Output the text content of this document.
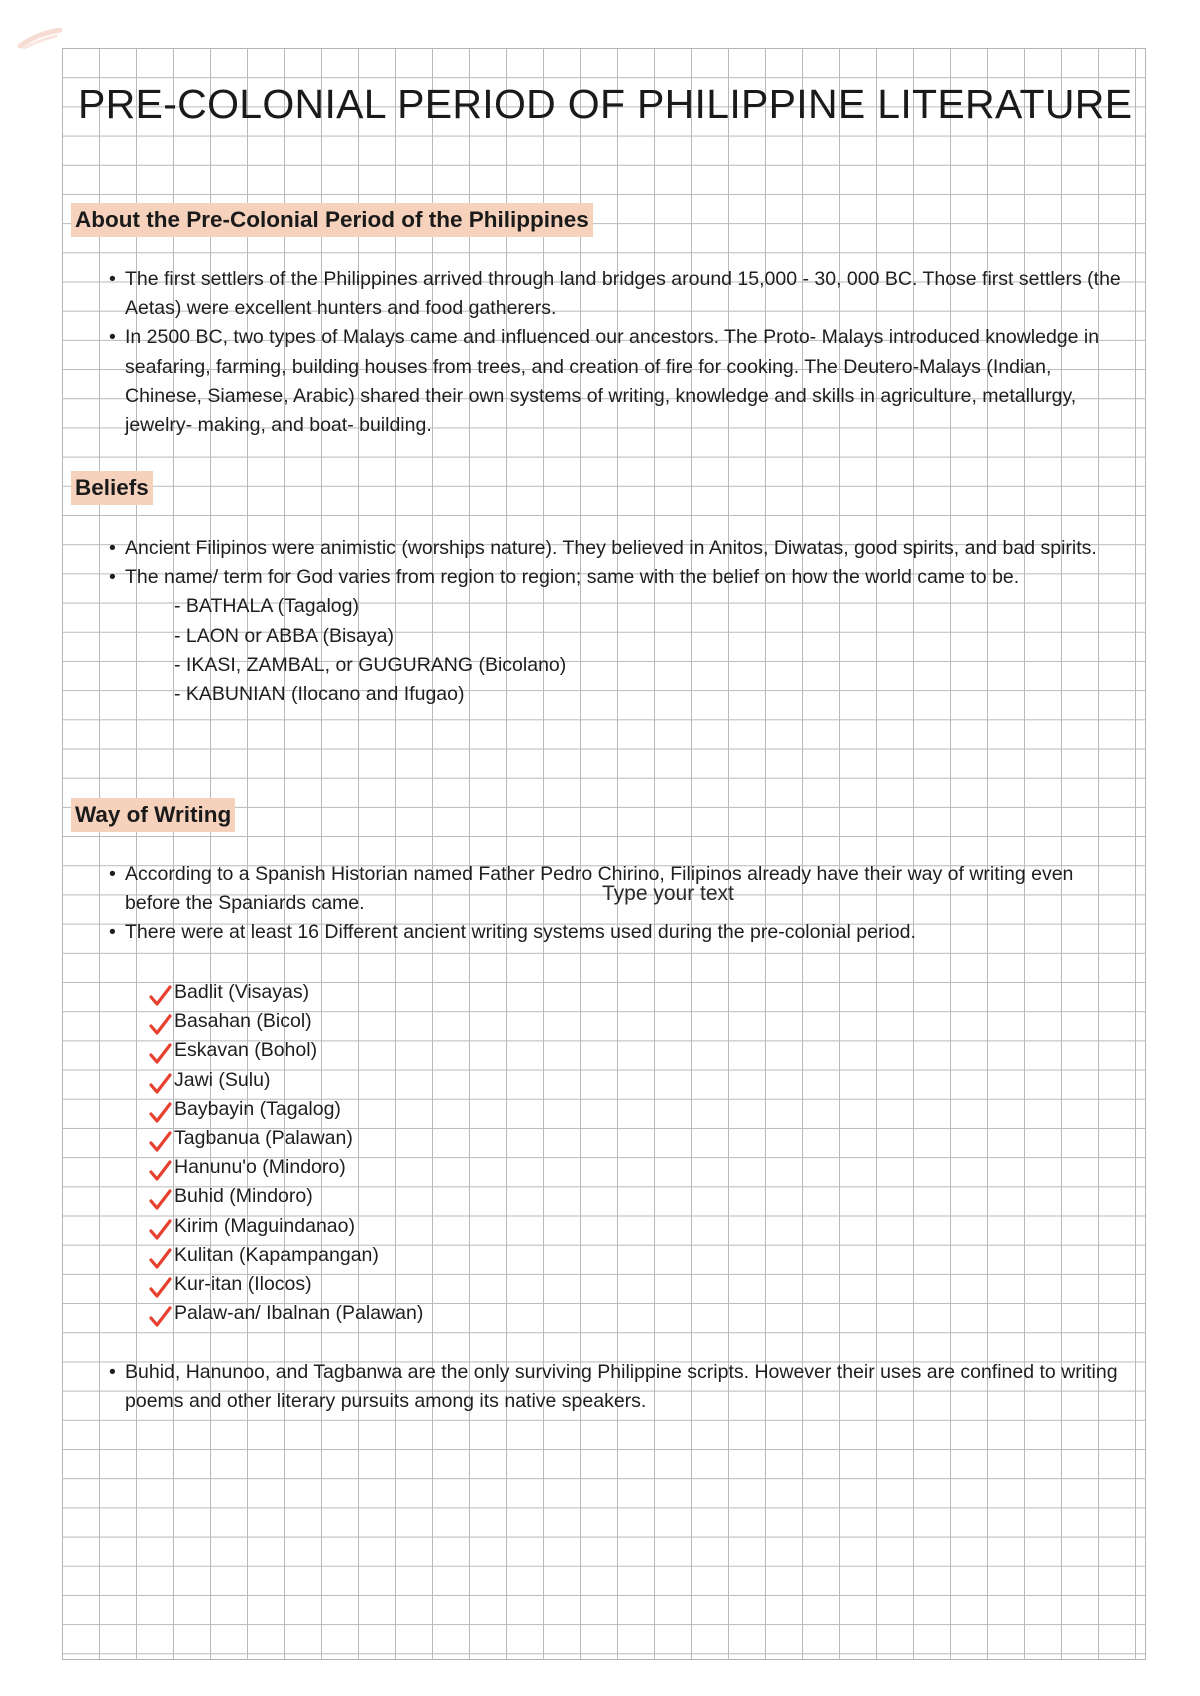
PRE-COLONIAL PERIOD OF PHILIPPINE LITERATURE
About the Pre-Colonial Period of the Philippines

• The first settlers of the Philippines arrived through land bridges around 15,000 - 30, 000 BC. Those first settlers (the Aetas) were excellent hunters and food gatherers.

• In 2500 BC, two types of Malays came and influenced our ancestors. The Proto- Malays introduced knowledge in seafaring, farming, building houses from trees, and creation of fire for cooking. The Deutero-Malays (Indian, Chinese, Siamese, Arabic) shared their own systems of writing, knowledge and skills in agriculture, metallurgy, jewelry- making, and boat- building.

Beliefs

• Ancient Filipinos were animistic (worships nature). They believed in Anitos, Diwatas, good spirits, and bad spirits.

• The name/ term for God varies from region to region; same with the belief on how the world came to be.

- BATHALA (Tagalog)

- LAON or ABBA (Bisaya)

- IKASI, ZAMBAL, or GUGURANG (Bicolano)

- KABUNIAN (Ilocano and Ifugao)

Way of Writing

• According to a Spanish Historian named Father Pedro Chirino, Filipinos already have their way of writing even before the Spaniards came.

• There were at least 16 Different ancient writing systems used during the pre-colonial period.

Type your text
Badlit (Visayas)
Basahan (Bicol)
Eskavan (Bohol)
Jawi (Sulu)
Baybayin (Tagalog)
Tagbanua (Palawan)
Hanunu'o (Mindoro)
Buhid (Mindoro)
Kirim (Maguindanao)
Kulitan (Kapampangan)
Kur-itan (Ilocos)
Palaw-an/ Ibalnan (Palawan)

• Buhid, Hanunoo, and Tagbanwa are the only surviving Philippine scripts. However their uses are confined to writing poems and other literary pursuits among its native speakers.
